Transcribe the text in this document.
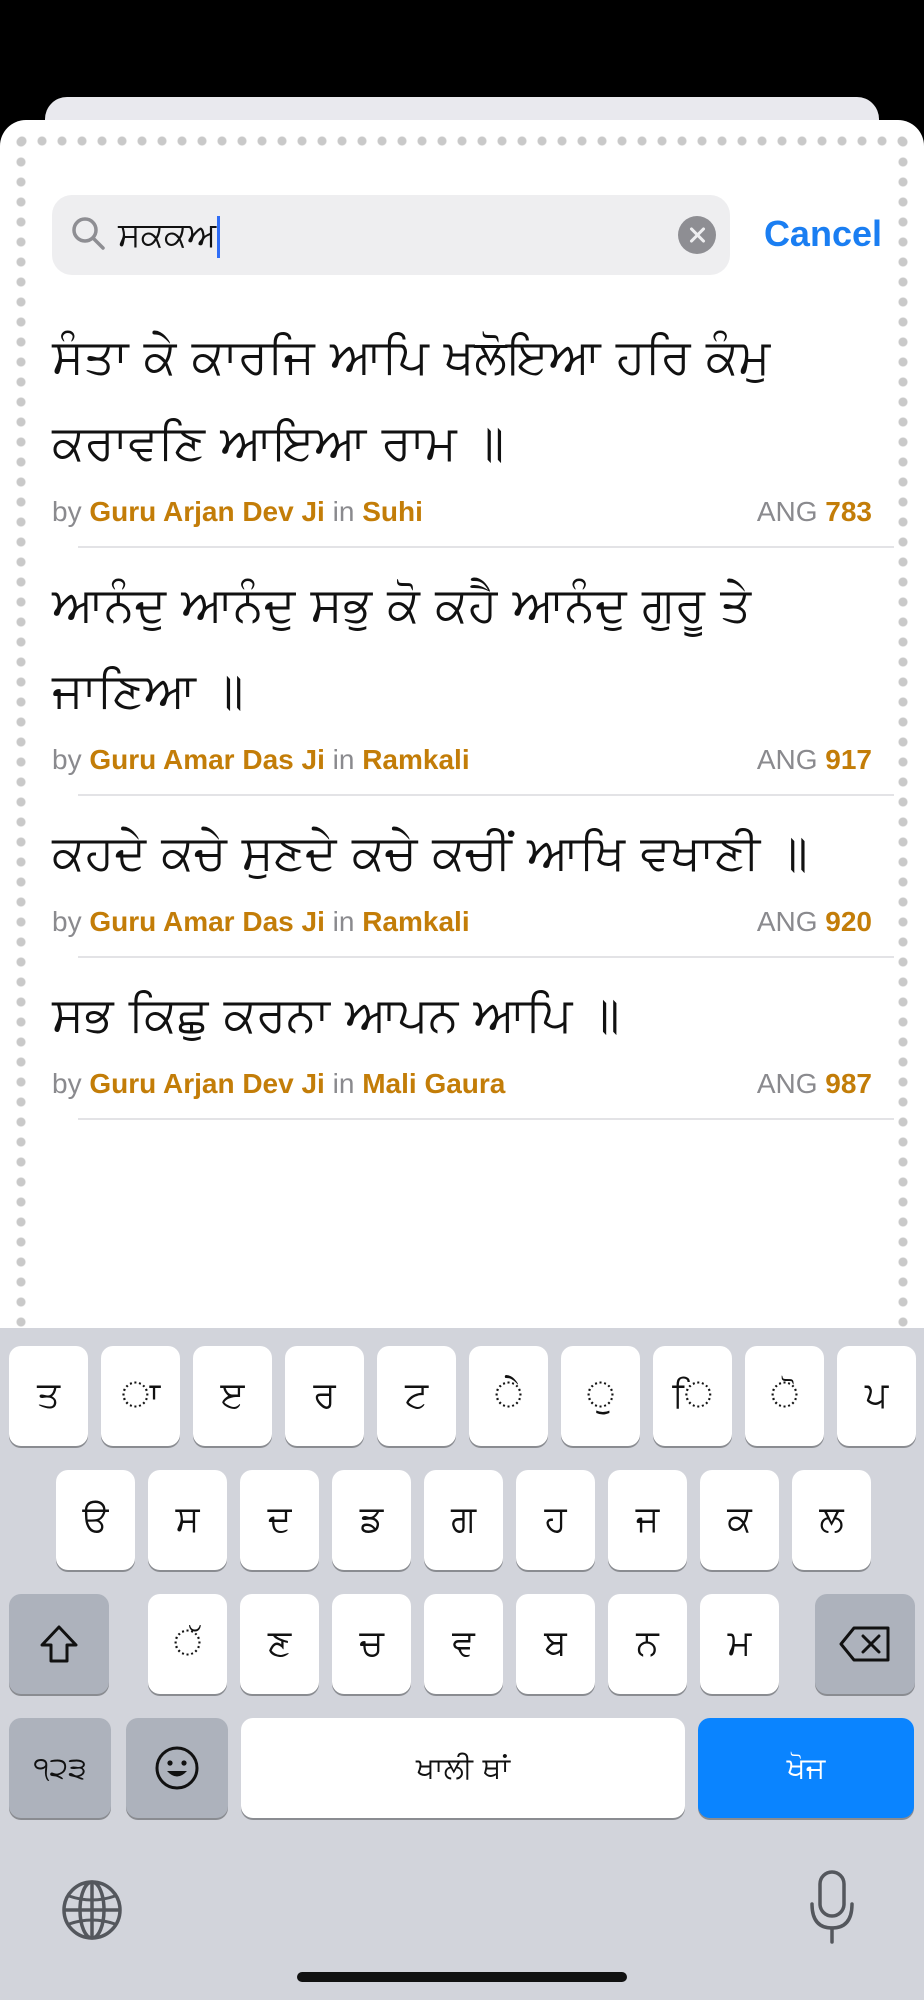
ਸਕਕਅ	Cancel
ਸੰਤਾ ਕੇ ਕਾਰਜਿ ਆਪਿ ਖਲੋਇਆ ਹਰਿ ਕੰਮੁ ਕਰਾਵਣਿ ਆਇਆ ਰਾਮ ॥
by Guru Arjan Dev Ji in Suhi	ANG 783
ਆਨੰਦੁ ਆਨੰਦੁ ਸਭੁ ਕੋ ਕਹੈ ਆਨੰਦੁ ਗੁਰੂ ਤੇ ਜਾਣਿਆ ॥
by Guru Amar Das Ji in Ramkali	ANG 917
ਕਹਦੇ ਕਚੇ ਸੁਣਦੇ ਕਚੇ ਕਚੀਂ ਆਖਿ ਵਖਾਣੀ ॥
by Guru Amar Das Ji in Ramkali	ANG 920
ਸਭ ਕਿਛੁ ਕਰਨਾ ਆਪਨ ਆਪਿ ॥
by Guru Arjan Dev Ji in Mali Gaura	ANG 987
ਤ	ਾ	ੲ	ਰ	ਟ	ੇ	ੁ	ਿ	ੋ	ਪ
ੳ	ਸ	ਦ	ਡ	ਗ	ਹ	ਜ	ਕ	ਲ
ੱ	ਣ	ਚ	ਵ	ਬ	ਨ	ਮ
੧੨੩	ਖਾਲੀ ਥਾਂ	ਖੋਜ
